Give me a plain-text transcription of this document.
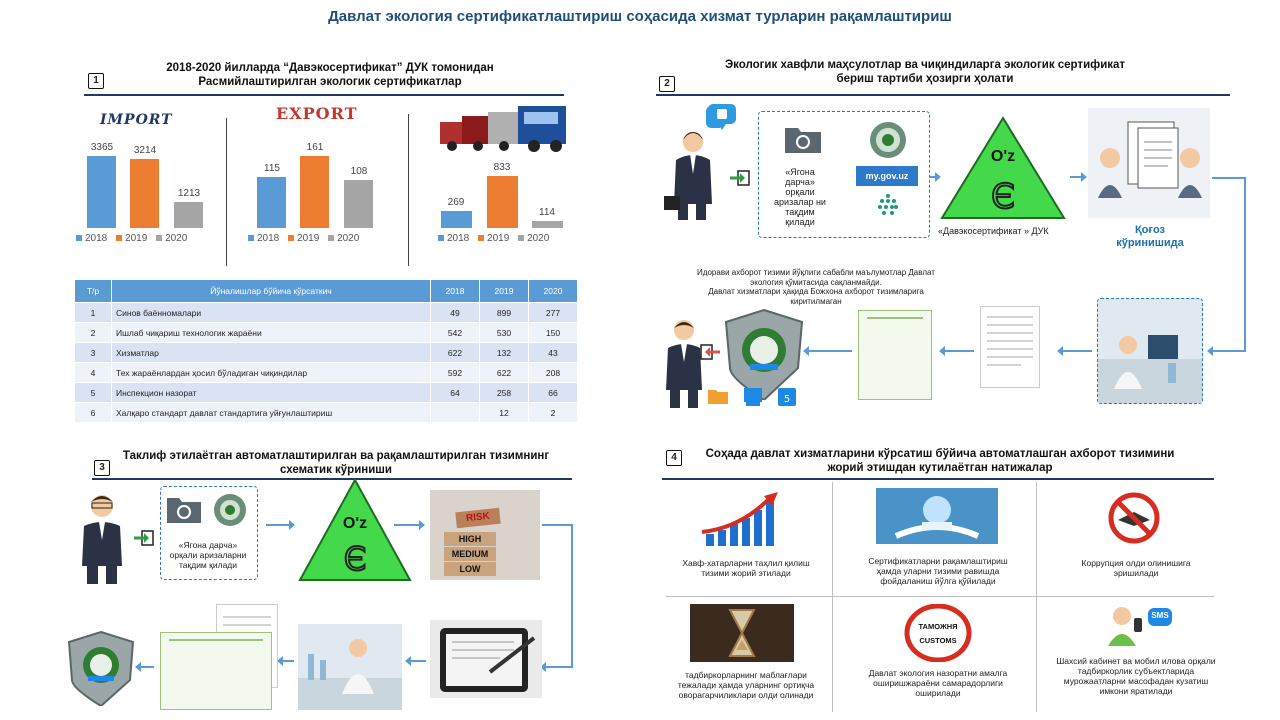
Давлат экология сертификатлаштириш соҳасида хизмат турларин рақамлаштириш
1
2018-2020 йилларда “Давэкосертификат” ДУК томонидан
Расмийлаштирилган экологик сертификатлар
IMPORT	EXPORT
3365	3214
1213
115
161
108
269
833
114
2018 2019 2020	2018 2019 2020	2018 2019 2020
Т/р	Йўналишлар бўйича кўрсаткич	2018	2019	2020
1	Синов баённомалари	49	899	277
2	Ишлаб чиқариш технологик жараёни	542	530	150
3	Хизматлар	622	132	43
4	Тех жараёнлардан ҳосил бўладиган чиқиндилар	592	622	208
5	Инспекцион назорат	64	258	66
6	Халқаро стандарт давлат стандартига уйғунлаштириш		12	2
2
Экологик хавфли маҳсулотлар ва чиқиндиларга экологик сертификат
бериш тартиби ҳозирги ҳолати
«Ягона дарча» орқали аризалар ни тақдим қилади
my.gov.uz
Є
O'z
«Давэкосертификат » ДУК	Қоғоз
кўринишида
Идорави ахборот тизими йўқлиги сабабли маълумотлар Давлат
экология қўмитасида сақланмайди.
Давлат хизматлари ҳақида Божхона ахборот тизимларига
киритилмаган
5
3
Таклиф этилаётган автоматлаштирилган ва рақамлаштирилган тизимнинг
схематик кўриниши
«Ягона дарча» орқали аризаларни тақдим қилади	Є
O'z	RISK
HIGH
MEDIUM
LOW
4	Соҳада давлат хизматларини кўрсатиш бўйича автоматлашган ахборот тизимини
жорий этишдан кутилаётган натижалар
Хавф-хатарларни таҳлил қилиш тизими жорий этилади
Сертификатларни рақамлаштириш ҳамда уларни тизими равишда фойдаланиш йўлга қўйилади
Коррупция олди олинишига эришилади
тадбиркорларнинг маблағлари тежалади ҳамда уларнинг ортиқча оворагарчиликлари олди олинади
ТАМОЖНЯ
CUSTOMS
Давлат экология назоратни амалга оширишжараёни самарадорлиги оширилади
SMS
Шахсий кабинет ва мобил илова орқали тадбиркорлик субъектларида мурожаатларни масофадан кузатиш имкони яратилади
